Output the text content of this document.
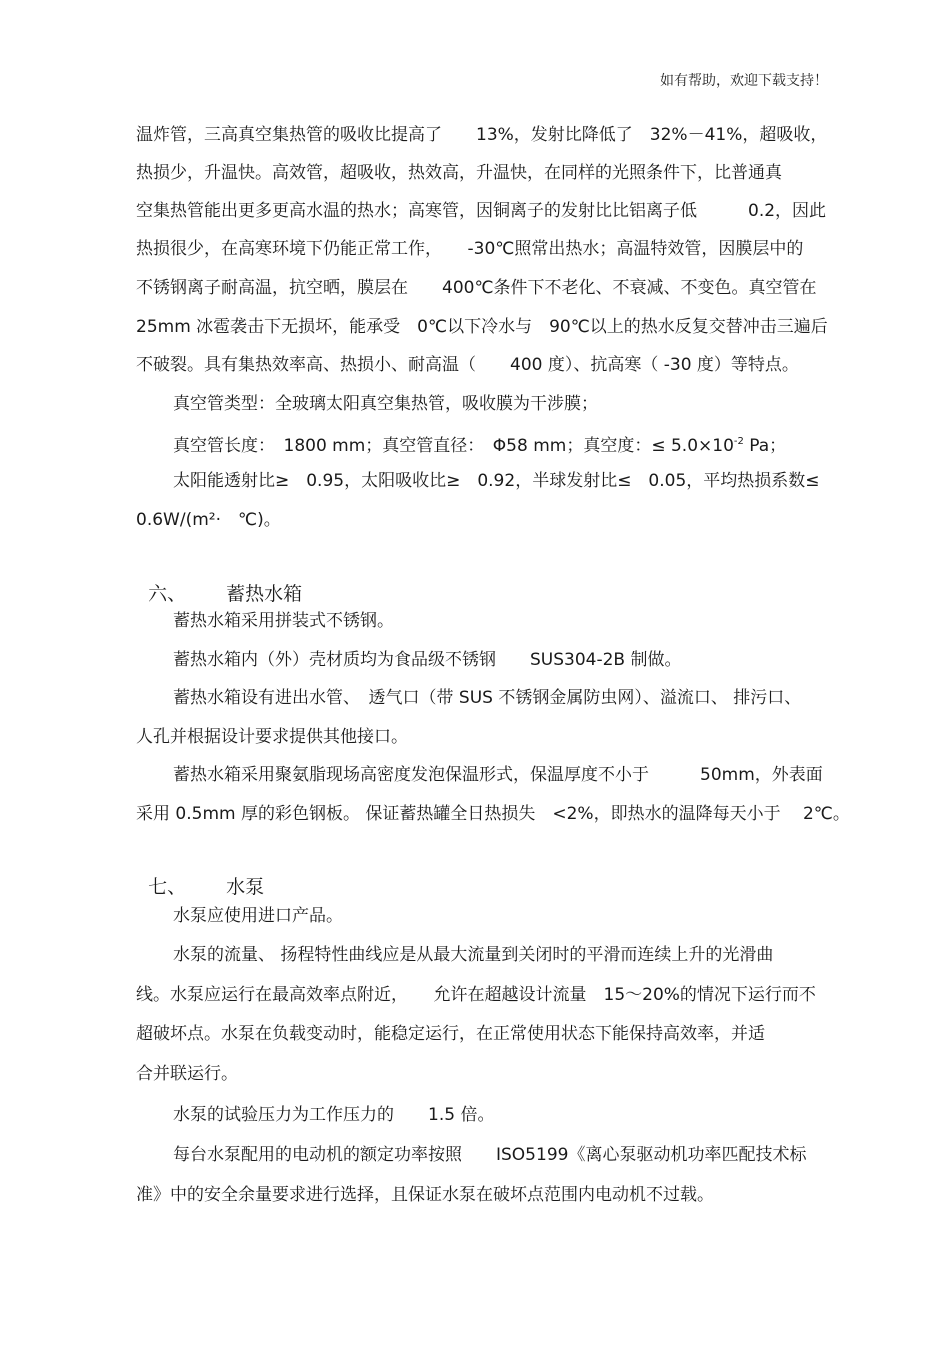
如有帮助，欢迎下载支持！
温炸管，三高真空集热管的吸收比提高了　　13%，发射比降低了　32%－41%，超吸收，
热损少，升温快。高效管，超吸收，热效高，升温快，在同样的光照条件下，比普通真
空集热管能出更多更高水温的热水；高寒管，因铜离子的发射比比铝离子低　　　0.2，因此
热损很少，在高寒环境下仍能正常工作，　　-30℃照常出热水；高温特效管，因膜层中的
不锈钢离子耐高温，抗空晒，膜层在　　400℃条件下不老化、不衰减、不变色。真空管在
25mm 冰雹袭击下无损坏，能承受　0℃以下冷水与　90℃以上的热水反复交替冲击三遍后
不破裂。具有集热效率高、热损小、耐高温（　　400 度）、抗高寒（ -30 度）等特点。
真空管类型：全玻璃太阳真空集热管，吸收膜为干涉膜；
真空管长度：　1800 mm；真空管直径：　Φ58 mm；真空度：≤ $5.0\times 10^{-2}$ Pa；
太阳能透射比≥　0.95，太阳吸收比≥　0.92，半球发射比≤　0.05，平均热损系数≤
0.6W/(m²·　℃)。

六、 蓄热水箱

蓄热水箱采用拼装式不锈钢。
蓄热水箱内（外）壳材质均为食品级不锈钢　　SUS304-2B 制做。
蓄热水箱设有进出水管、　透气口（带 SUS 不锈钢金属防虫网）、溢流口、 排污口、
人孔并根据设计要求提供其他接口。
蓄热水箱采用聚氨脂现场高密度发泡保温形式，保温厚度不小于　　　50mm，外表面
采用 0.5mm 厚的彩色钢板。 保证蓄热罐全日热损失　<2%，即热水的温降每天小于　 2℃。

七、 水泵

水泵应使用进口产品。
水泵的流量、 扬程特性曲线应是从最大流量到关闭时的平滑而连续上升的光滑曲
线。水泵应运行在最高效率点附近，　　允许在超越设计流量　15～20%的情况下运行而不
超破坏点。水泵在负载变动时，能稳定运行，在正常使用状态下能保持高效率，并适
合并联运行。
水泵的试验压力为工作压力的　　1.5 倍。
每台水泵配用的电动机的额定功率按照　　ISO5199《离心泵驱动机功率匹配技术标
准》中的安全余量要求进行选择，且保证水泵在破坏点范围内电动机不过载。
